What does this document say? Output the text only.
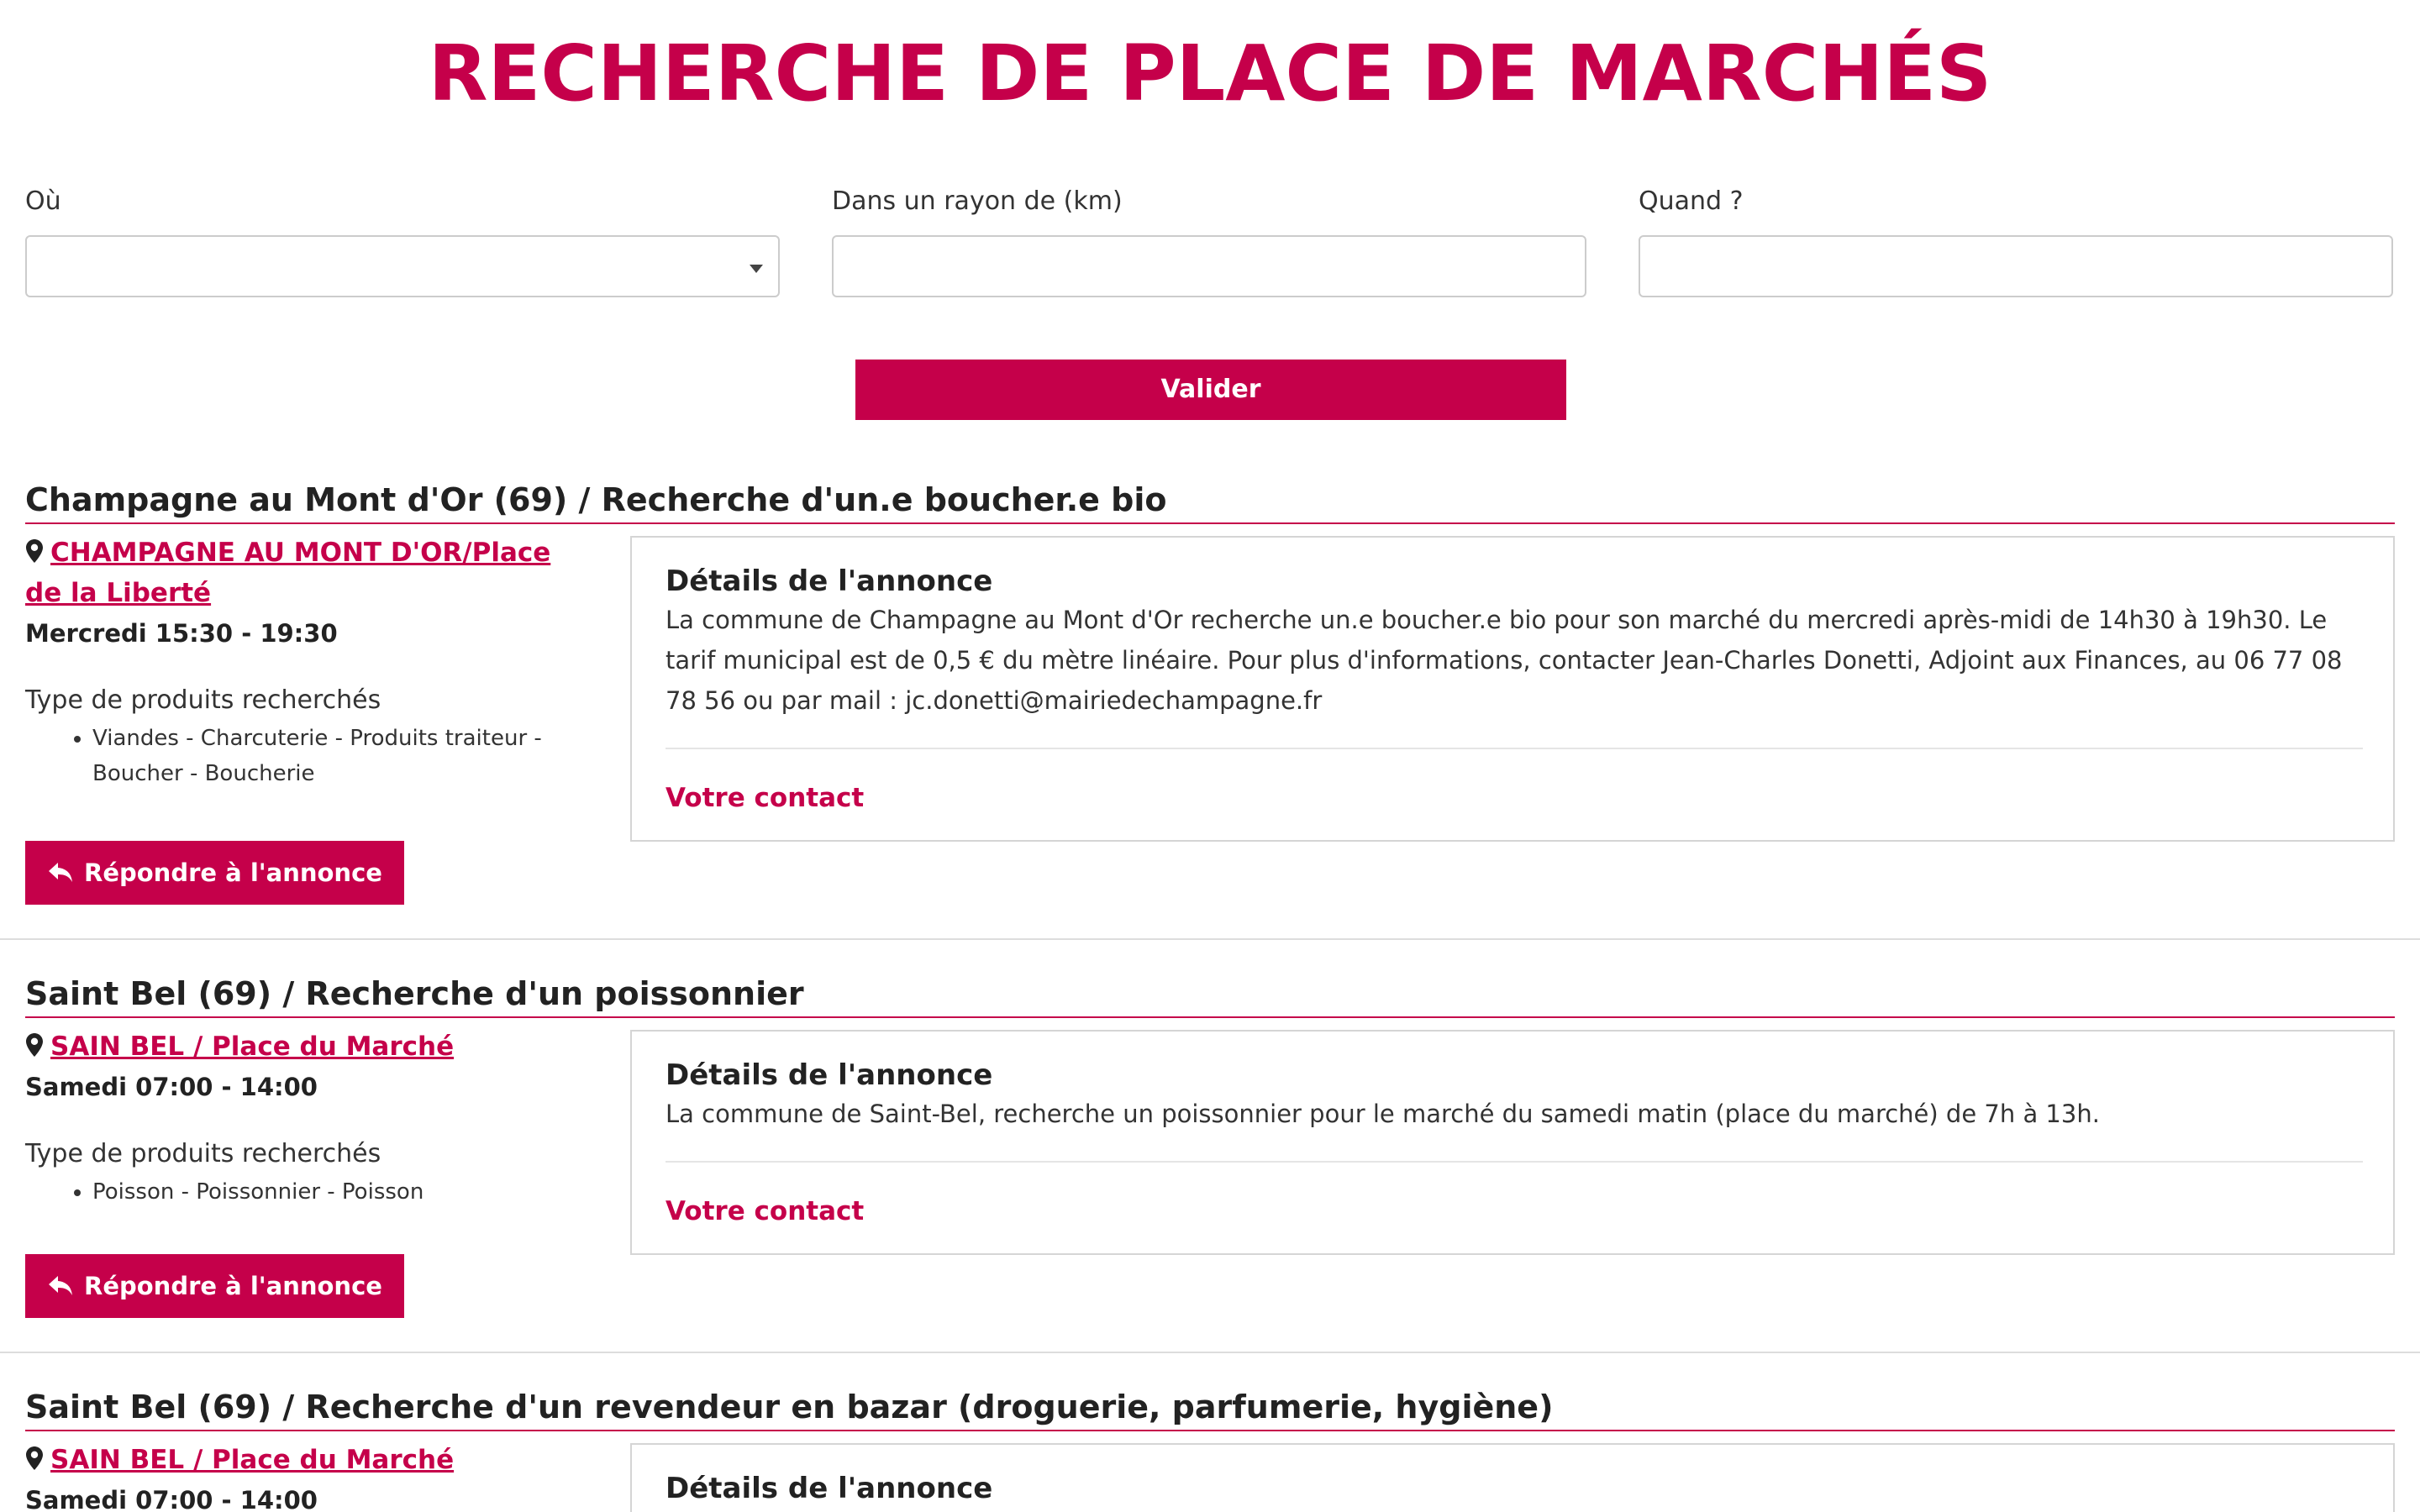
RECHERCHE DE PLACE DE MARCHÉS
Où	Dans un rayon de (km)	Quand ?
Valider
Champagne au Mont d'Or (69) / Recherche d'un.e boucher.e bio
CHAMPAGNE AU MONT D'OR/Place de la Liberté
Mercredi 15:30 - 19:30
Type de produits recherchés
• Viandes - Charcuterie - Produits traiteur - Boucher - Boucherie
Répondre à l'annonce
Détails de l'annonce

La commune de Champagne au Mont d'Or recherche un.e boucher.e bio pour son marché du mercredi après-midi de 14h30 à 19h30. Le tarif municipal est de 0,5 € du mètre linéaire. Pour plus d'informations, contacter Jean-Charles Donetti, Adjoint aux Finances, au 06 77 08 78 56 ou par mail : jc.donetti@mairiedechampagne.fr

Votre contact
Saint Bel (69) / Recherche d'un poissonnier
SAIN BEL / Place du Marché
Samedi 07:00 - 14:00
Type de produits recherchés
• Poisson - Poissonnier - Poisson
Répondre à l'annonce
Détails de l'annonce

La commune de Saint-Bel, recherche un poissonnier pour le marché du samedi matin (place du marché) de 7h à 13h.

Votre contact
Saint Bel (69) / Recherche d'un revendeur en bazar (droguerie, parfumerie, hygiène)
SAIN BEL / Place du Marché
Samedi 07:00 - 14:00	Détails de l'annonce
